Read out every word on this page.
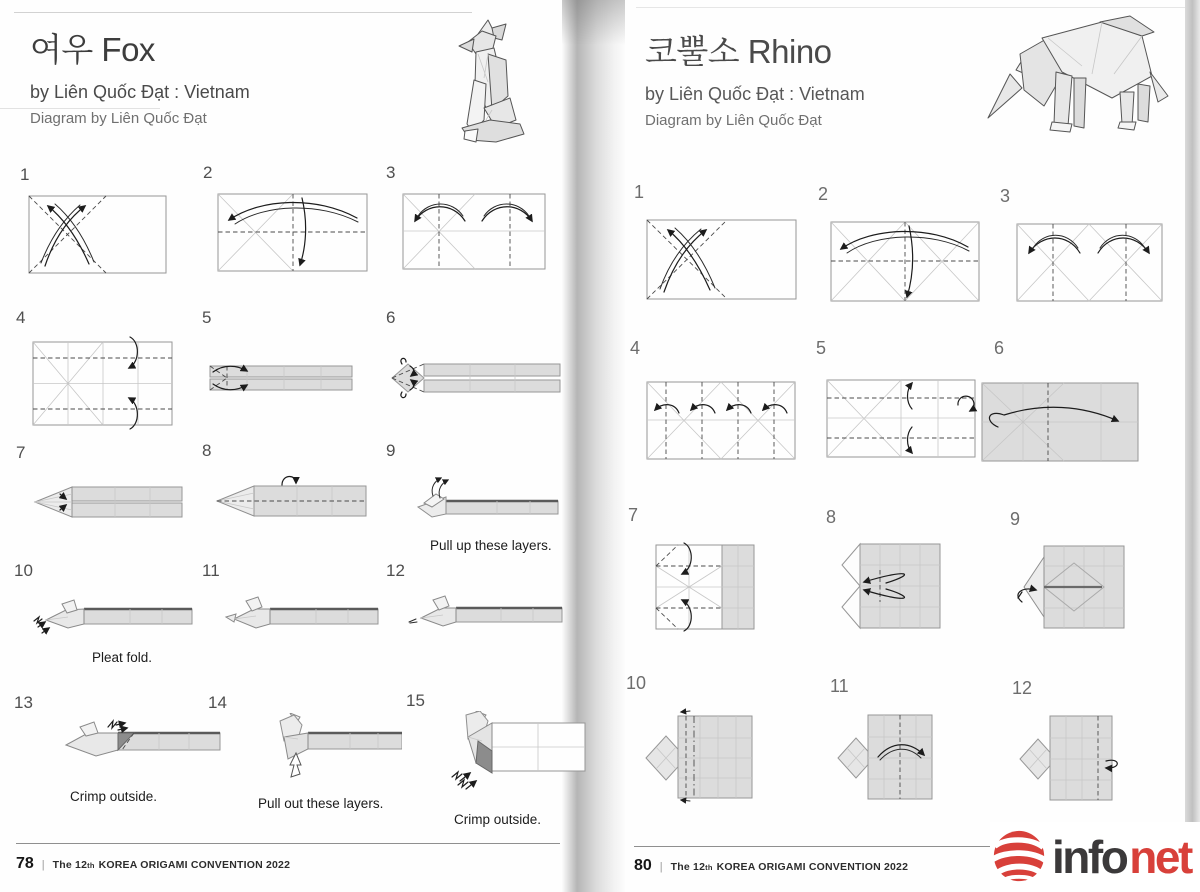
여우 Fox
by Liên Quốc Đạt : Vietnam
Diagram by Liên Quốc Đạt
1	2	3
4	5	6
7	8	9
Pull up these layers.
10
Pleat fold.
11	12
13
Crimp outside.
14
Pull out these layers.
15
Crimp outside.
78 | The 12th KOREA ORIGAMI CONVENTION 2022
코뿔소 Rhino
by Liên Quốc Đạt : Vietnam
Diagram by Liên Quốc Đạt
1	2	3
4	5	6
7	8	9
10	11	12
80 | The 12th KOREA ORIGAMI CONVENTION 2022	info net
